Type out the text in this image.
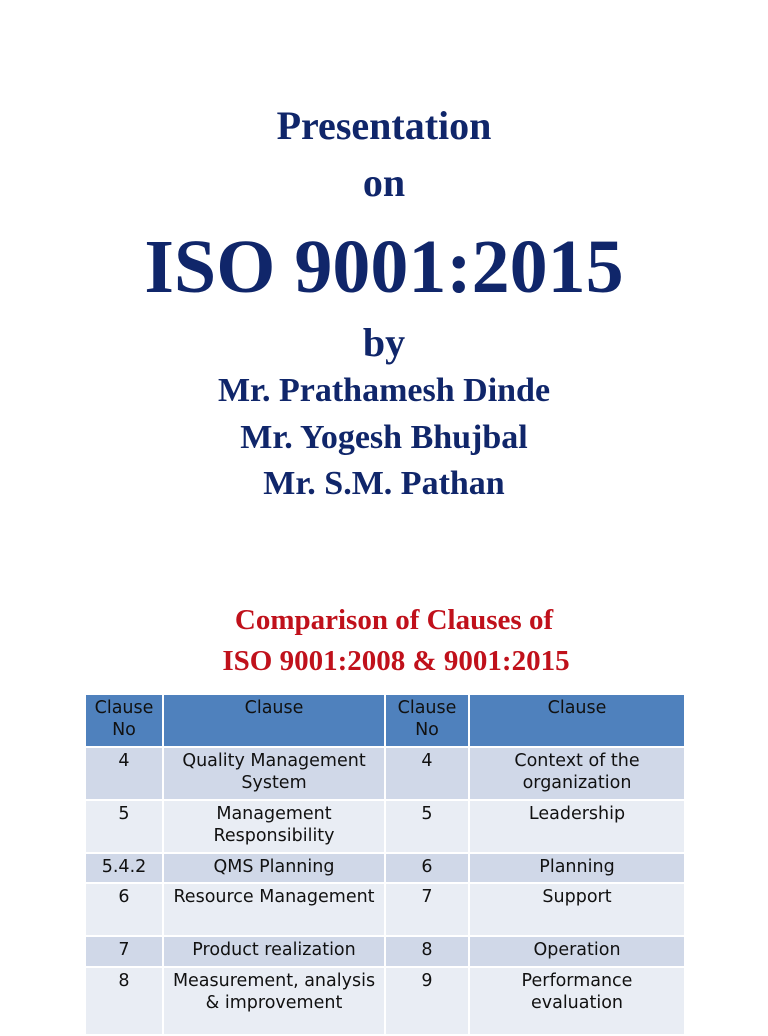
Presentation
on
ISO 9001:2015
by
Mr. Prathamesh Dinde
Mr. Yogesh Bhujbal
Mr. S.M. Pathan
Comparison of Clauses of
ISO 9001:2008 & 9001:2015
Clause No	Clause	Clause No	Clause
4	Quality Management System	4	Context of the organization
5	Management Responsibility	5	Leadership
5.4.2	QMS Planning	6	Planning
6	Resource Management	7	Support
7	Product realization	8	Operation
8	Measurement, analysis & improvement	9	Performance evaluation
